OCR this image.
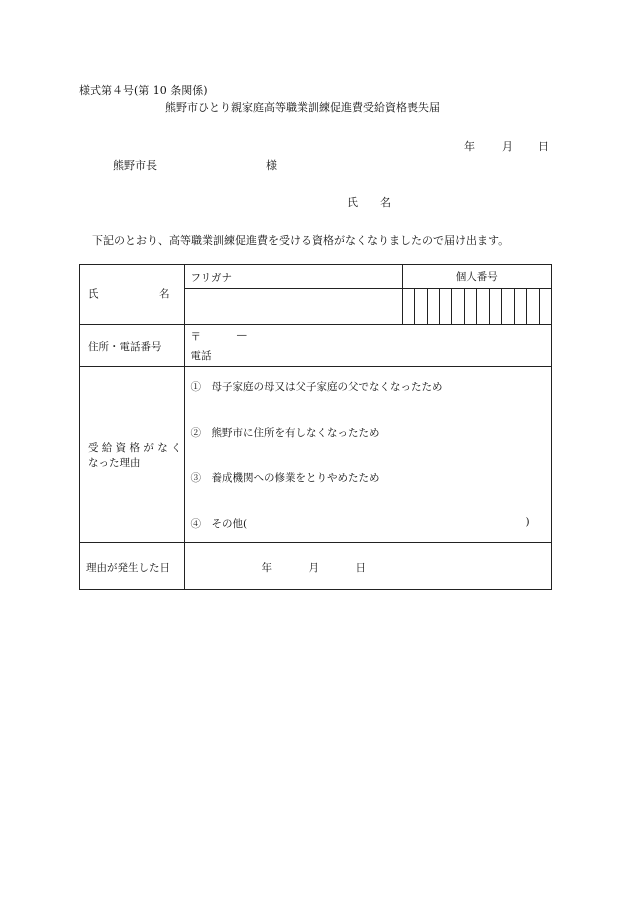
様式第４号(第 10 条関係)
熊野市ひとり親家庭高等職業訓練促進費受給資格喪失届
年 月 日
熊野市長	様
氏　　名
下記のとおり、高等職業訓練促進費を受ける資格がなくなりましたので届け出ます。
氏 名	フリガナ	個人番号

住所・電話番号	〒 —
電話	

受 給 資 格 が な く
なった理由	①　母子家庭の母又は父子家庭の父でなくなったため
②　熊野市に住所を有しなくなったため
③　養成機関への修業をとりやめたため
④　その他( )	

理由が発生した日	年 月 日	
